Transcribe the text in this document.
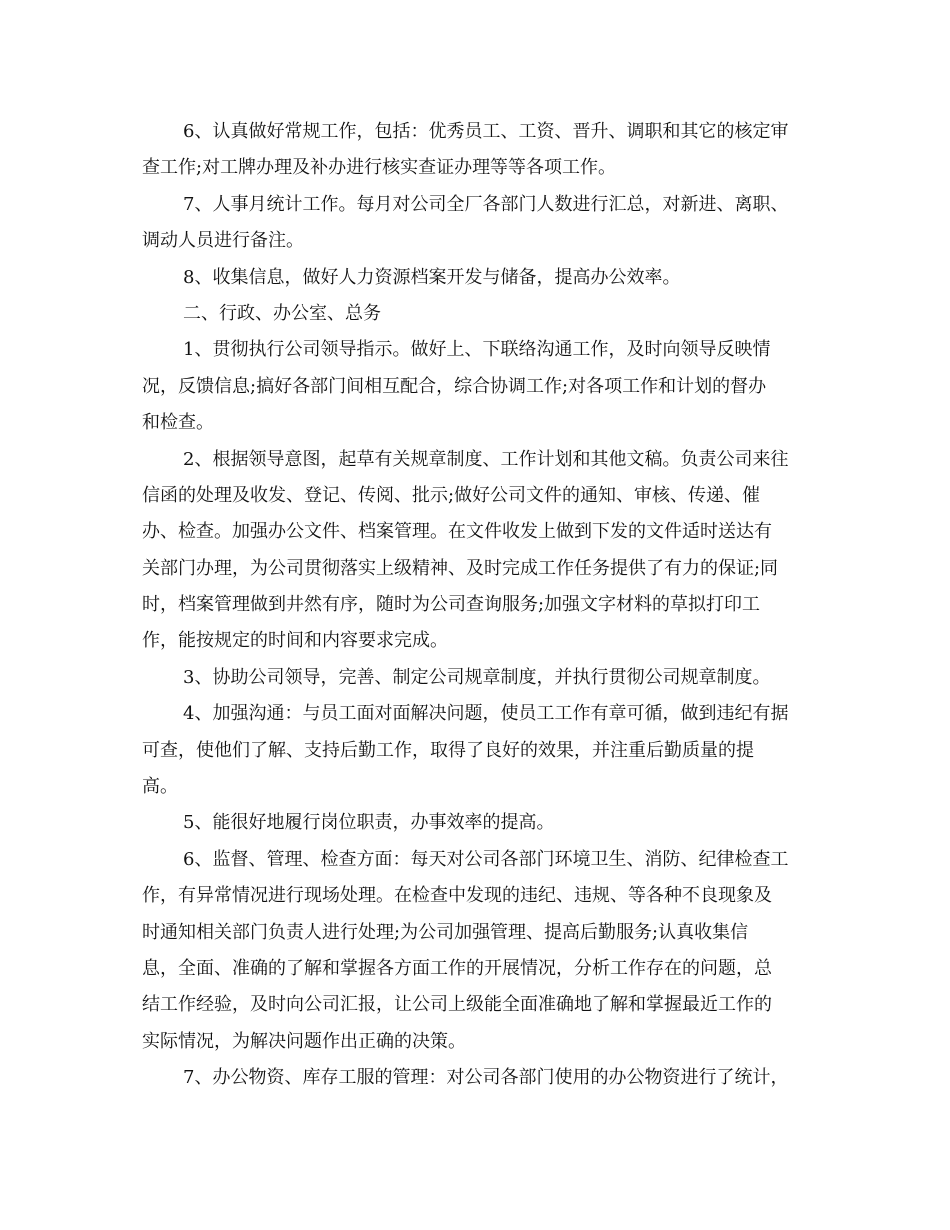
6、认真做好常规工作，包括：优秀员工、工资、晋升、调职和其它的核定审
查工作;对工牌办理及补办进行核实查证办理等等各项工作。
7、人事月统计工作。每月对公司全厂各部门人数进行汇总，对新进、离职、
调动人员进行备注。
8、收集信息，做好人力资源档案开发与储备，提高办公效率。
二、行政、办公室、总务
1、贯彻执行公司领导指示。做好上、下联络沟通工作，及时向领导反映情
况，反馈信息;搞好各部门间相互配合，综合协调工作;对各项工作和计划的督办
和检查。
2、根据领导意图，起草有关规章制度、工作计划和其他文稿。负责公司来往
信函的处理及收发、登记、传阅、批示;做好公司文件的通知、审核、传递、催
办、检查。加强办公文件、档案管理。在文件收发上做到下发的文件适时送达有
关部门办理，为公司贯彻落实上级精神、及时完成工作任务提供了有力的保证;同
时，档案管理做到井然有序，随时为公司查询服务;加强文字材料的草拟打印工
作，能按规定的时间和内容要求完成。
3、协助公司领导，完善、制定公司规章制度，并执行贯彻公司规章制度。
4、加强沟通：与员工面对面解决问题，使员工工作有章可循，做到违纪有据
可查，使他们了解、支持后勤工作，取得了良好的效果，并注重后勤质量的提
高。
5、能很好地履行岗位职责，办事效率的提高。
6、监督、管理、检查方面：每天对公司各部门环境卫生、消防、纪律检查工
作，有异常情况进行现场处理。在检查中发现的违纪、违规、等各种不良现象及
时通知相关部门负责人进行处理;为公司加强管理、提高后勤服务;认真收集信
息，全面、准确的了解和掌握各方面工作的开展情况，分析工作存在的问题，总
结工作经验，及时向公司汇报，让公司上级能全面准确地了解和掌握最近工作的
实际情况，为解决问题作出正确的决策。
7、办公物资、库存工服的管理：对公司各部门使用的办公物资进行了统计，
